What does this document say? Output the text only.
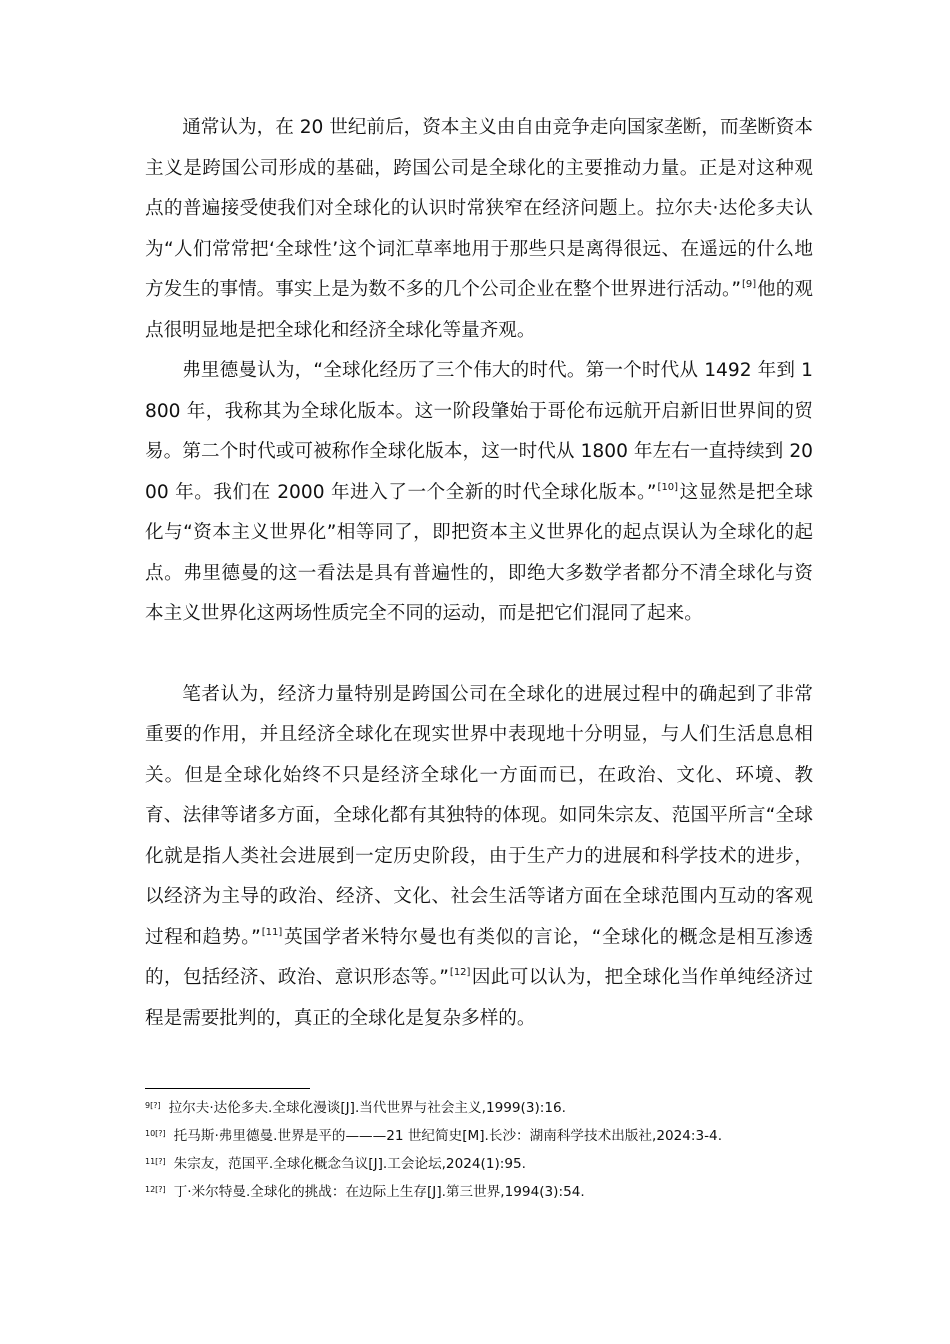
通常认为，在 20 世纪前后，资本主义由自由竞争走向国家垄断，而垄断资本主义是跨国公司形成的基础，跨国公司是全球化的主要推动力量。正是对这种观点的普遍接受使我们对全球化的认识时常狭窄在经济问题上。拉尔夫·达伦多夫认为“人们常常把‘全球性’这个词汇草率地用于那些只是离得很远、在遥远的什么地方发生的事情。事实上是为数不多的几个公司企业在整个世界进行活动。”[9]他的观点很明显地是把全球化和经济全球化等量齐观。

弗里德曼认为，“全球化经历了三个伟大的时代。第一个时代从 1492 年到 1800 年，我称其为全球化版本。这一阶段肇始于哥伦布远航开启新旧世界间的贸易。第二个时代或可被称作全球化版本，这一时代从 1800 年左右一直持续到 2000 年。我们在 2000 年进入了一个全新的时代全球化版本。”[10]这显然是把全球化与“资本主义世界化”相等同了，即把资本主义世界化的起点误认为全球化的起点。弗里德曼的这一看法是具有普遍性的，即绝大多数学者都分不清全球化与资本主义世界化这两场性质完全不同的运动，而是把它们混同了起来。

笔者认为，经济力量特别是跨国公司在全球化的进展过程中的确起到了非常重要的作用，并且经济全球化在现实世界中表现地十分明显，与人们生活息息相关。但是全球化始终不只是经济全球化一方面而已，在政治、文化、环境、教育、法律等诸多方面，全球化都有其独特的体现。如同朱宗友、范国平所言“全球化就是指人类社会进展到一定历史阶段，由于生产力的进展和科学技术的进步，以经济为主导的政治、经济、文化、社会生活等诸方面在全球范围内互动的客观过程和趋势。”[11]英国学者米特尔曼也有类似的言论，“全球化的概念是相互渗透的，包括经济、政治、意识形态等。”[12]因此可以认为，把全球化当作单纯经济过程是需要批判的，真正的全球化是复杂多样的。

$^{9[?]}$ 拉尔夫·达伦多夫.全球化漫谈[J].当代世界与社会主义,1999(3):16.

$^{10[?]}$ 托马斯·弗里德曼.世界是平的———21 世纪简史[M].长沙：湖南科学技术出版社,2024:3-4.

$^{11[?]}$ 朱宗友，范国平.全球化概念刍议[J].工会论坛,2024(1):95.

$^{12[?]}$ 丁·米尔特曼.全球化的挑战：在边际上生存[J].第三世界,1994(3):54.
